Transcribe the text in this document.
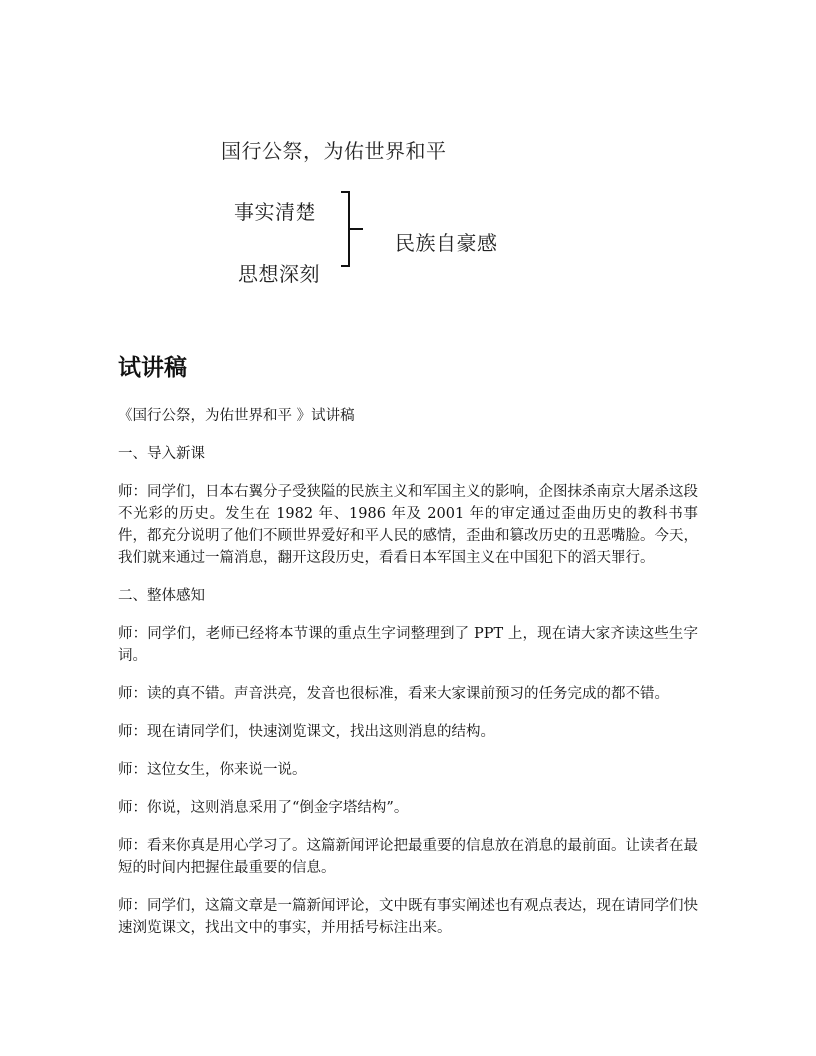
国行公祭，为佑世界和平
事实清楚
思想深刻
民族自豪感
试讲稿

《国行公祭，为佑世界和平 》试讲稿

一、导入新课

师：同学们，日本右翼分子受狭隘的民族主义和军国主义的影响，企图抹杀南京大屠杀这段不光彩的历史。发生在 1982 年、1986 年及 2001 年的审定通过歪曲历史的教科书事件，都充分说明了他们不顾世界爱好和平人民的感情，歪曲和篡改历史的丑恶嘴脸。今天，我们就来通过一篇消息，翻开这段历史，看看日本军国主义在中国犯下的滔天罪行。

二、整体感知

师：同学们，老师已经将本节课的重点生字词整理到了 PPT 上，现在请大家齐读这些生字词。

师：读的真不错。声音洪亮，发音也很标准，看来大家课前预习的任务完成的都不错。

师：现在请同学们，快速浏览课文，找出这则消息的结构。

师：这位女生，你来说一说。

师：你说，这则消息采用了“倒金字塔结构”。

师：看来你真是用心学习了。这篇新闻评论把最重要的信息放在消息的最前面。让读者在最短的时间内把握住最重要的信息。

师：同学们，这篇文章是一篇新闻评论，文中既有事实阐述也有观点表达，现在请同学们快速浏览课文，找出文中的事实，并用括号标注出来。
